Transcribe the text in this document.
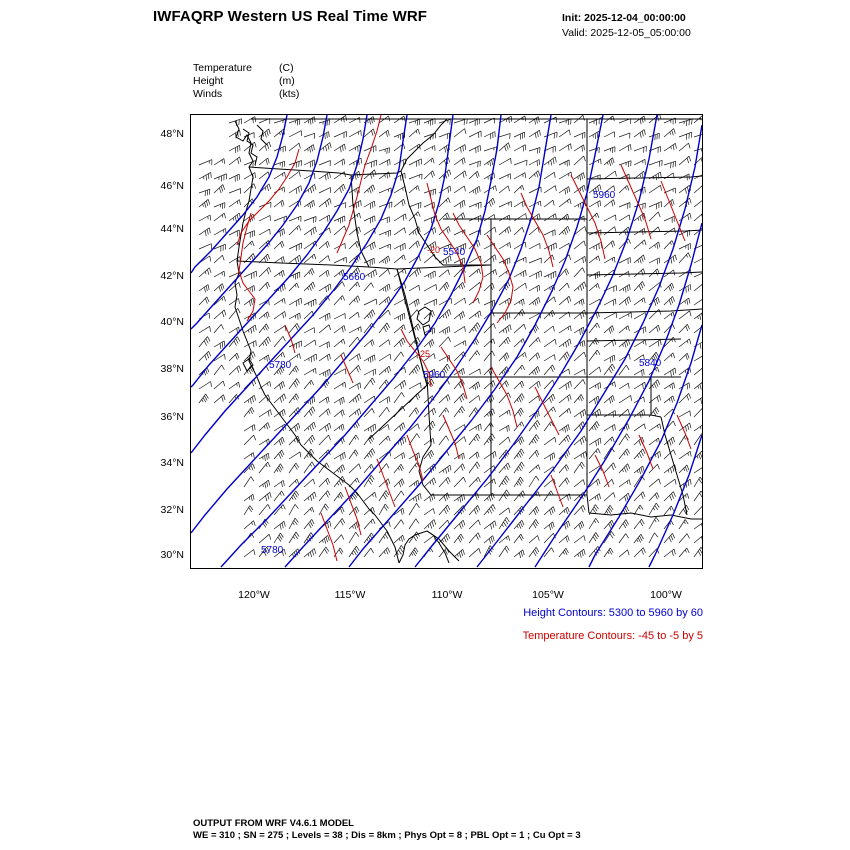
IWFAQRP Western US Real Time WRF	Init: 2025-12-04_00:00:00
Valid: 2025-12-05_05:00:00
Temperature	(C)
Height	(m)
Winds	(kts)
5960
5540
5660
5840
5780
5960
5780
-20
-25
48°N
46°N
44°N
42°N
40°N
38°N
36°N
34°N
32°N
30°N
120°W	115°W	110°W	105°W	100°W
Height Contours: 5300 to 5960 by 60
Temperature Contours: -45 to -5 by 5
OUTPUT FROM WRF V4.6.1 MODEL
WE = 310 ; SN = 275 ; Levels = 38 ; Dis = 8km ; Phys Opt = 8 ; PBL Opt = 1 ; Cu Opt = 3
